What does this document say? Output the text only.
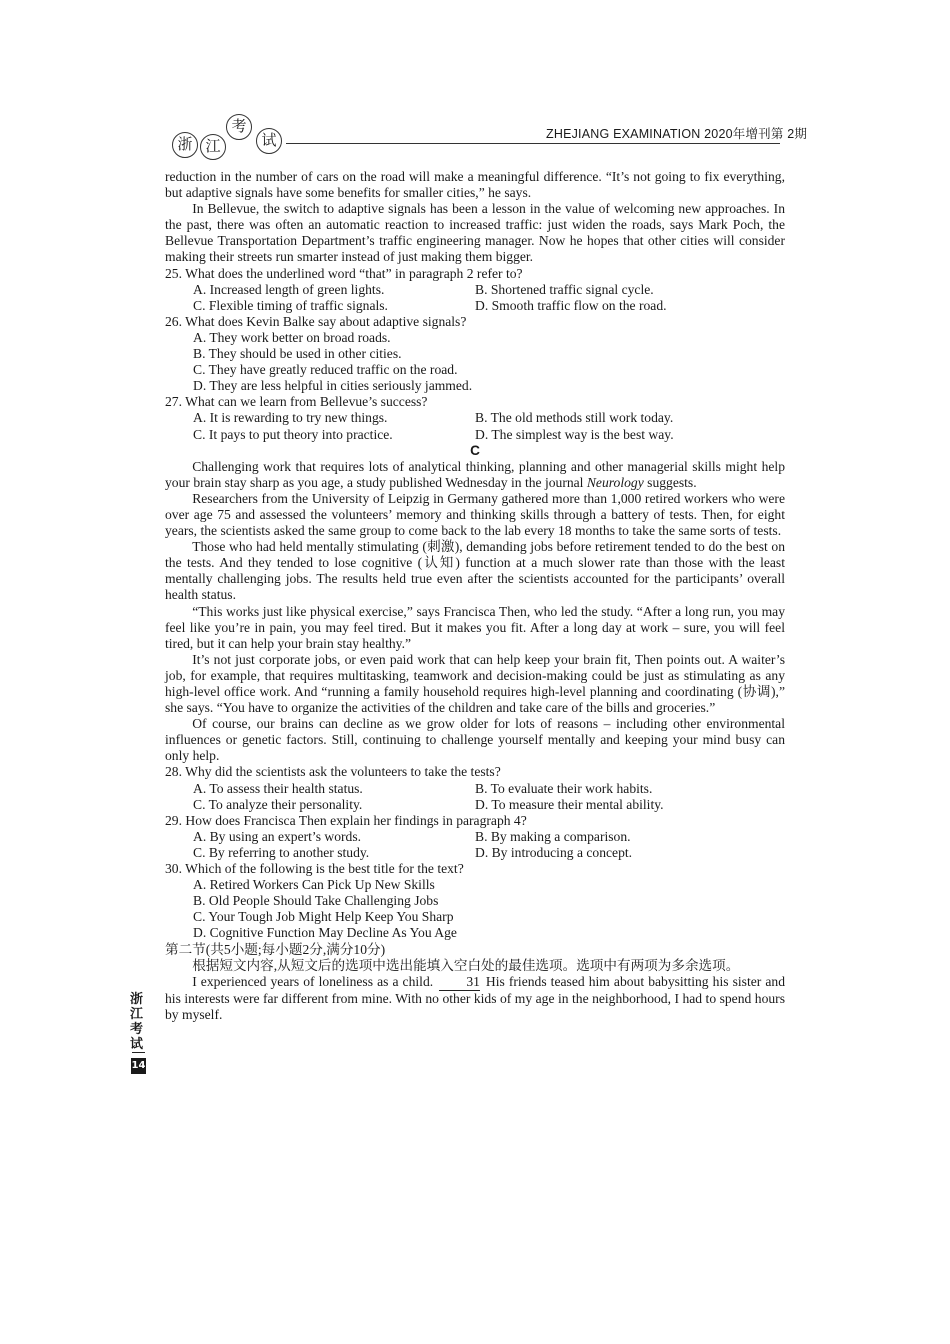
浙 江
考
试	ZHEJIANG EXAMINATION 2020年增刊第 2期

reduction in the number of cars on the road will make a meaningful difference. “It’s not going to fix everything, but adaptive signals have some benefits for smaller cities,” he says.

In Bellevue, the switch to adaptive signals has been a lesson in the value of welcoming new approaches. In the past, there was often an automatic reaction to increased traffic: just widen the roads, says Mark Poch, the Bellevue Transportation Department’s traffic engineering manager. Now he hopes that other cities will consider making their streets run smarter instead of just making them bigger.

25. What does the underlined word “that” in paragraph 2 refer to?

A. Increased length of green lights.	B. Shortened traffic signal cycle.
C. Flexible timing of traffic signals.	D. Smooth traffic flow on the road.

26. What does Kevin Balke say about adaptive signals?

A. They work better on broad roads.
B. They should be used in other cities.
C. They have greatly reduced traffic on the road.
D. They are less helpful in cities seriously jammed.

27. What can we learn from Bellevue’s success?

A. It is rewarding to try new things.	B. The old methods still work today.
C. It pays to put theory into practice.	D. The simplest way is the best way.
C

Challenging work that requires lots of analytical thinking, planning and other managerial skills might help your brain stay sharp as you age, a study published Wednesday in the journal Neurology suggests.

Researchers from the University of Leipzig in Germany gathered more than 1,000 retired workers who were over age 75 and assessed the volunteers’ memory and thinking skills through a battery of tests. Then, for eight years, the scientists asked the same group to come back to the lab every 18 months to take the same sorts of tests.

Those who had held mentally stimulating (刺激), demanding jobs before retirement tended to do the best on the tests. And they tended to lose cognitive (认知) function at a much slower rate than those with the least mentally challenging jobs. The results held true even after the scientists accounted for the participants’ overall health status.

“This works just like physical exercise,” says Francisca Then, who led the study. “After a long run, you may feel like you’re in pain, you may feel tired. But it makes you fit. After a long day at work – sure, you will feel tired, but it can help your brain stay healthy.”

It’s not just corporate jobs, or even paid work that can help keep your brain fit, Then points out. A waiter’s job, for example, that requires multitasking, teamwork and decision-making could be just as stimulating as any high-level office work. And “running a family household requires high-level planning and coordinating (协调),” she says. “You have to organize the activities of the children and take care of the bills and groceries.”

Of course, our brains can decline as we grow older for lots of reasons – including other environmental influences or genetic factors. Still, continuing to challenge yourself mentally and keeping your mind busy can only help.

28. Why did the scientists ask the volunteers to take the tests?

A. To assess their health status.	B. To evaluate their work habits.
C. To analyze their personality.	D. To measure their mental ability.

29. How does Francisca Then explain her findings in paragraph 4?

A. By using an expert’s words.	B. By making a comparison.
C. By referring to another study.	D. By introducing a concept.

30. Which of the following is the best title for the text?

A. Retired Workers Can Pick Up New Skills
B. Old People Should Take Challenging Jobs
C. Your Tough Job Might Help Keep You Sharp
D. Cognitive Function May Decline As You Age

第二节(共5小题;每小题2分,满分10分)

根据短文内容,从短文后的选项中选出能填入空白处的最佳选项。选项中有两项为多余选项。

I experienced years of loneliness as a child. 31 His friends teased him about babysitting his sister and his interests were far different from mine. With no other kids of my age in the neighborhood, I had to spend hours by myself.

浙
江
考
试
14
